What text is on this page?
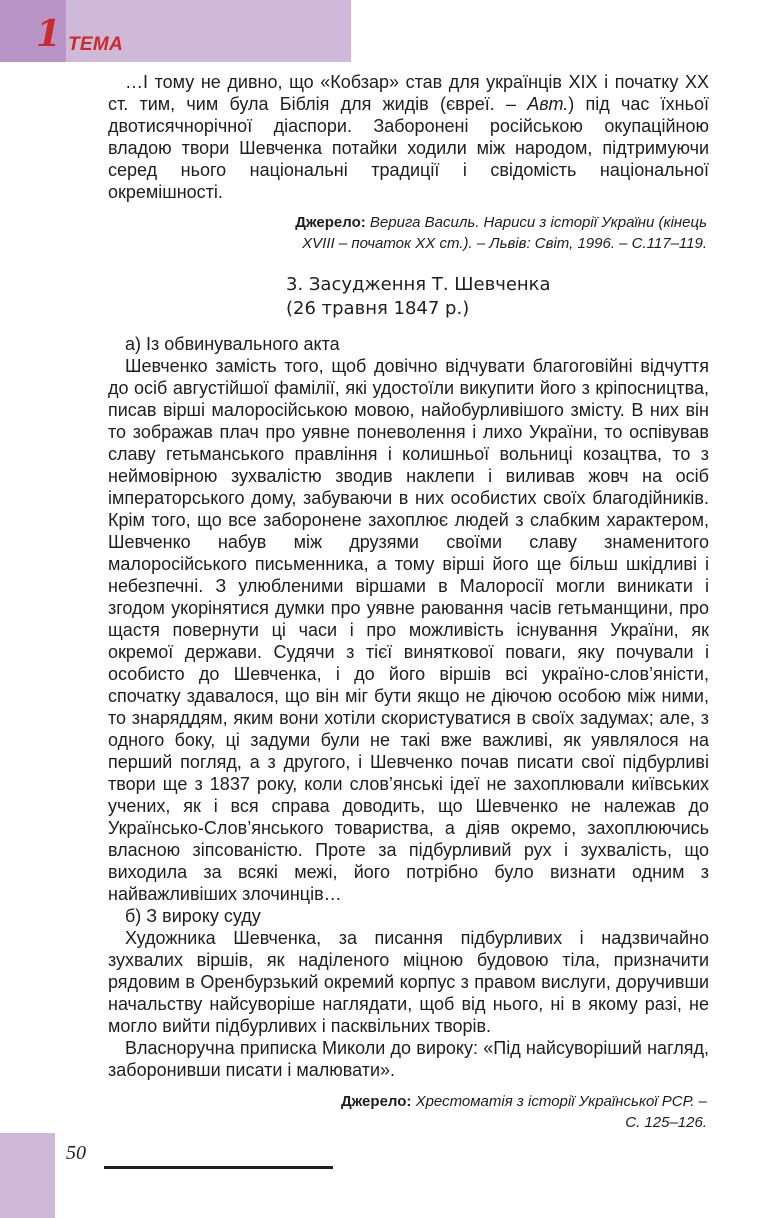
1 ТЕМА

…І тому не дивно, що «Кобзар» став для українців XIX і початку XX ст. тим, чим була Біблія для жидів (євреї. – Авт.) під час їхньої двотисячнорічної діаспори. Заборонені російською окупаційною владою твори Шевченка потайки ходили між народом, підтримуючи серед нього національні традиції і свідомість національної окремішності.

Джерело: Верига Василь. Нариси з історії України (кінець
XVIII – початок XX ст.). – Львів: Світ, 1996. – С.117–119.

3. Засудження Т. Шевченка
(26 травня 1847 р.)

а) Із обвинувального акта

Шевченко замість того, щоб довічно відчувати благоговійні відчуття до осіб августійшої фамілії, які удостоїли викупити його з кріпосництва, писав вірші малоросійською мовою, найобурливішого змісту. В них він то зображав плач про уявне поневолення і лихо України, то оспівував славу гетьманського правління і колишньої вольниці козацтва, то з неймовірною зухвалістю зводив наклепи і виливав жовч на осіб імператорського дому, забуваючи в них особистих своїх благодійників. Крім того, що все заборонене захоплює людей з слабким характером, Шевченко набув між друзями своїми славу знаменитого малоросійського письменника, а тому вірші його ще більш шкідливі і небезпечні. З улюбленими віршами в Малоросії могли виникати і згодом укорінятися думки про уявне раювання часів гетьманщини, про щастя повернути ці часи і про можливість існування України, як окремої держави. Судячи з тієї виняткової поваги, яку почували і особисто до Шевченка, і до його віршів всі україно-слов’яністи, спочатку здавалося, що він міг бути якщо не діючою особою між ними, то знаряддям, яким вони хотіли скористуватися в своїх задумах; але, з одного боку, ці задуми були не такі вже важливі, як уявлялося на перший погляд, а з другого, і Шевченко почав писати свої підбурливі твори ще з 1837 року, коли слов’янські ідеї не захоплювали київських учених, як і вся справа доводить, що Шевченко не належав до Українсько-Слов’янського товариства, а діяв окремо, захоплюючись власною зіпсованістю. Проте за підбурливий рух і зухвалість, що виходила за всякі межі, його потрібно було визнати одним з найважливіших злочинців…

б) З вироку суду

Художника Шевченка, за писання підбурливих і надзвичайно зухвалих віршів, як наділеного міцною будовою тіла, призначити рядовим в Оренбурзький окремий корпус з правом вислуги, доручивши начальству найсуворіше наглядати, щоб від нього, ні в якому разі, не могло вийти підбурливих і пасквільних творів.

Власноручна приписка Миколи до вироку: «Під найсуворіший нагляд, заборонивши писати і малювати».

Джерело: Хрестоматія з історії Української РСР. –
С. 125–126.

50
